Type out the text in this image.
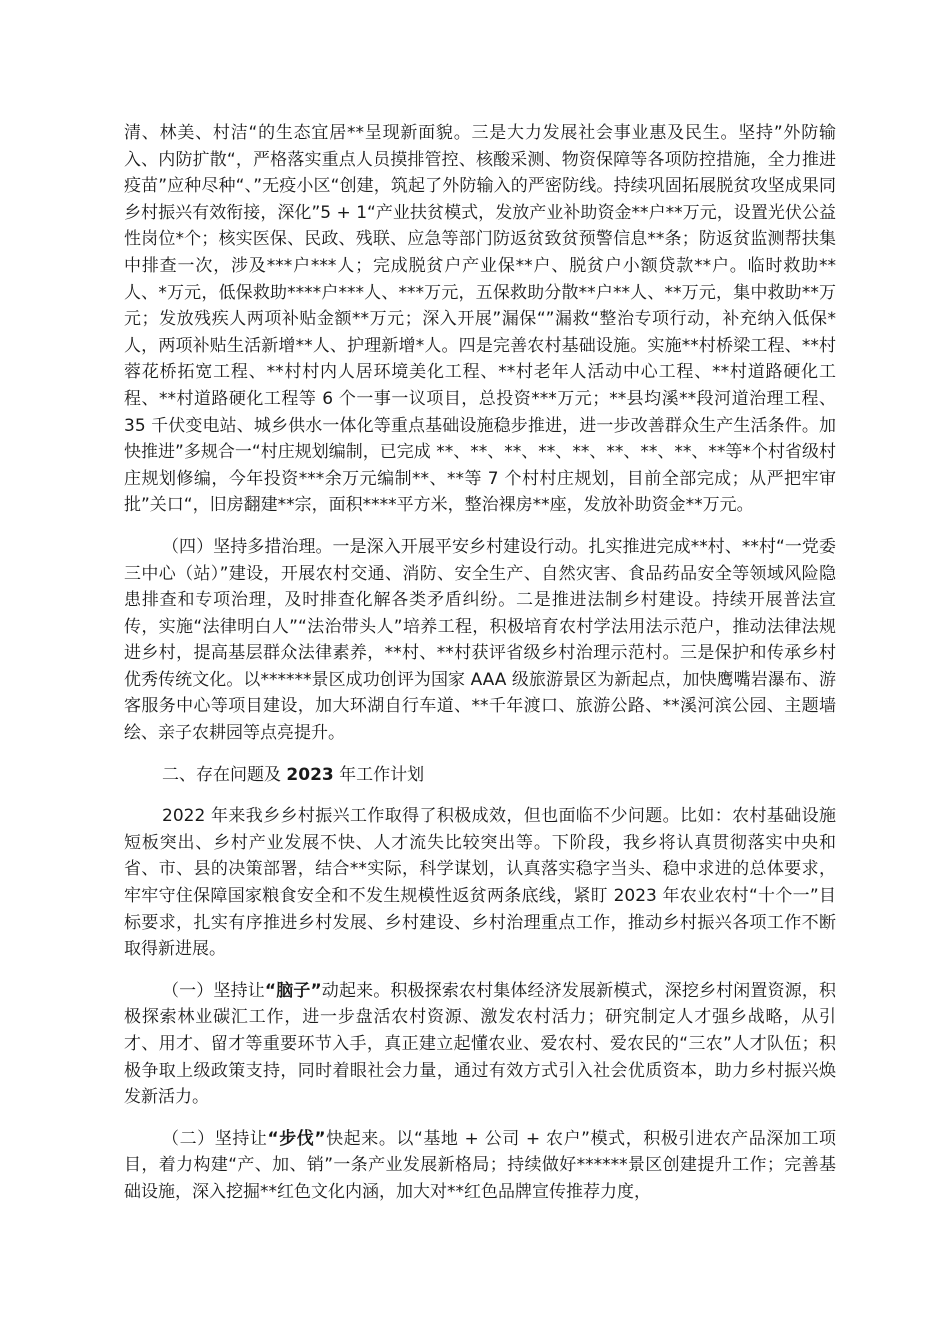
清、林美、村洁“的生态宜居**呈现新面貌。三是大力发展社会事业惠及民生。坚持”外防输入、内防扩散“，严格落实重点人员摸排管控、核酸采测、物资保障等各项防控措施，全力推进疫苗”应种尽种“、”无疫小区“创建，筑起了外防输入的严密防线。持续巩固拓展脱贫攻坚成果同乡村振兴有效衔接，深化”5 + 1“产业扶贫模式，发放产业补助资金**户**万元，设置光伏公益性岗位*个；核实医保、民政、残联、应急等部门防返贫致贫预警信息**条；防返贫监测帮扶集中排查一次，涉及***户***人；完成脱贫户产业保**户、脱贫户小额贷款**户。临时救助**人、*万元，低保救助****户***人、***万元，五保救助分散**户**人、**万元，集中救助**万元；发放残疾人两项补贴金额**万元；深入开展”漏保“”漏救“整治专项行动，补充纳入低保*人，两项补贴生活新增**人、护理新增*人。四是完善农村基础设施。实施**村桥梁工程、**村蓉花桥拓宽工程、**村村内人居环境美化工程、**村老年人活动中心工程、**村道路硬化工程、**村道路硬化工程等 6 个一事一议项目，总投资***万元；**县均溪**段河道治理工程、35 千伏变电站、城乡供水一体化等重点基础设施稳步推进，进一步改善群众生产生活条件。加快推进”多规合一“村庄规划编制，已完成 **、**、**、**、**、**、**、**、**等*个村省级村庄规划修编，今年投资***余万元编制**、**等 7 个村村庄规划，目前全部完成；从严把牢审批”关口“，旧房翻建**宗，面积****平方米，整治裸房**座，发放补助资金**万元。

（四）坚持多措治理。一是深入开展平安乡村建设行动。扎实推进完成**村、**村“一党委三中心（站）”建设，开展农村交通、消防、安全生产、自然灾害、食品药品安全等领域风险隐患排查和专项治理，及时排查化解各类矛盾纠纷。二是推进法制乡村建设。持续开展普法宣传，实施“法律明白人”“法治带头人”培养工程，积极培育农村学法用法示范户，推动法律法规进乡村，提高基层群众法律素养，**村、**村获评省级乡村治理示范村。三是保护和传承乡村优秀传统文化。以******景区成功创评为国家 AAA 级旅游景区为新起点，加快鹰嘴岩瀑布、游客服务中心等项目建设，加大环湖自行车道、**千年渡口、旅游公路、**溪河滨公园、主题墙绘、亲子农耕园等点亮提升。

二、存在问题及 2023 年工作计划

2022 年来我乡乡村振兴工作取得了积极成效，但也面临不少问题。比如：农村基础设施短板突出、乡村产业发展不快、人才流失比较突出等。下阶段，我乡将认真贯彻落实中央和省、市、县的决策部署，结合**实际，科学谋划，认真落实稳字当头、稳中求进的总体要求，牢牢守住保障国家粮食安全和不发生规模性返贫两条底线，紧盯 2023 年农业农村“十个一”目标要求，扎实有序推进乡村发展、乡村建设、乡村治理重点工作，推动乡村振兴各项工作不断取得新进展。

（一）坚持让“脑子”动起来。积极探索农村集体经济发展新模式，深挖乡村闲置资源，积极探索林业碳汇工作，进一步盘活农村资源、激发农村活力；研究制定人才强乡战略，从引才、用才、留才等重要环节入手，真正建立起懂农业、爱农村、爱农民的“三农”人才队伍；积极争取上级政策支持，同时着眼社会力量，通过有效方式引入社会优质资本，助力乡村振兴焕发新活力。

（二）坚持让“步伐”快起来。以“基地 + 公司 + 农户”模式，积极引进农产品深加工项目，着力构建“产、加、销”一条产业发展新格局；持续做好******景区创建提升工作；完善基础设施，深入挖掘**红色文化内涵，加大对**红色品牌宣传推荐力度，
